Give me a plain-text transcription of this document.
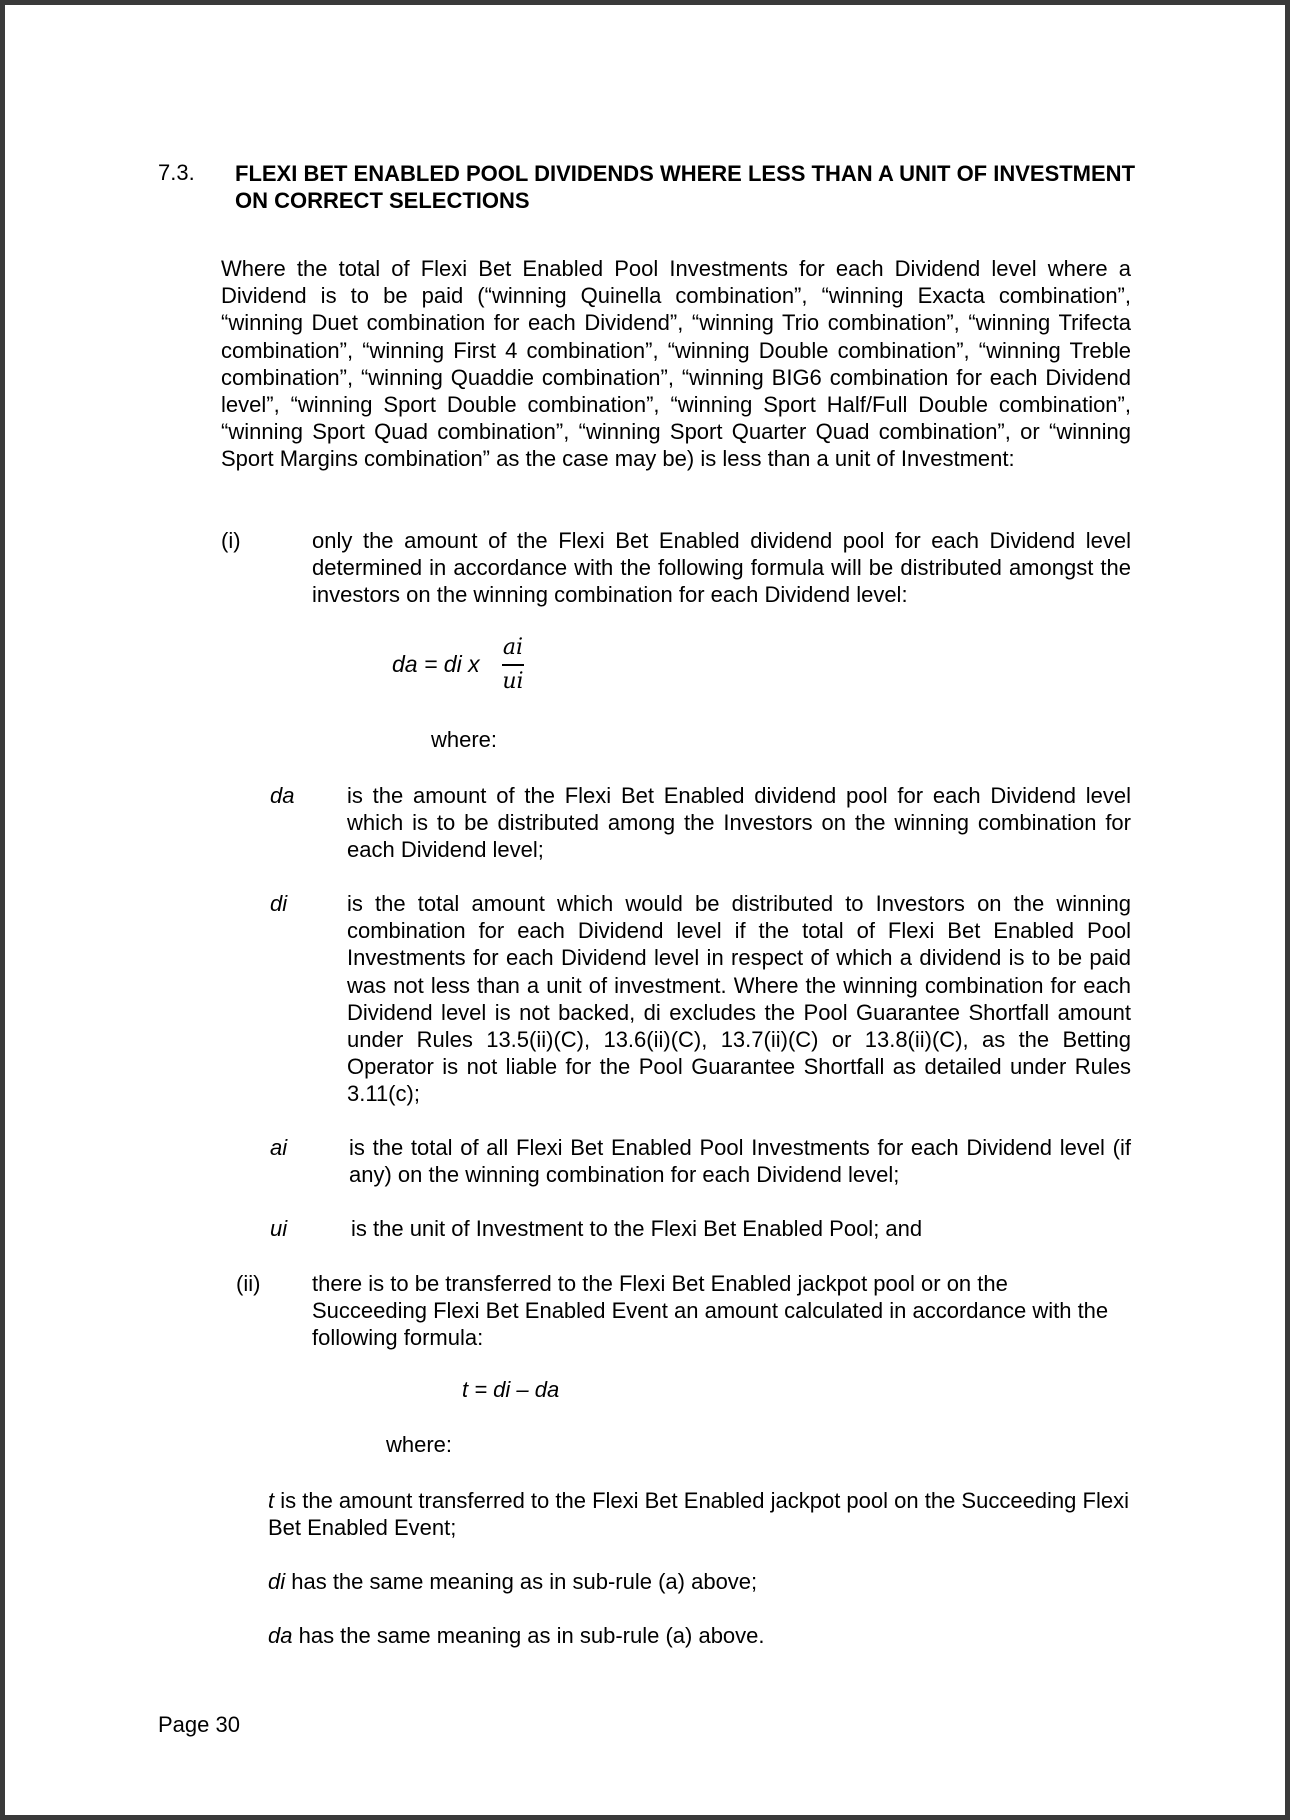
7.3. FLEXI BET ENABLED POOL DIVIDENDS WHERE LESS THAN A UNIT OF INVESTMENT ON CORRECT SELECTIONS
Where the total of Flexi Bet Enabled Pool Investments for each Dividend level where a Dividend is to be paid (“winning Quinella combination”, “winning Exacta combination”, “winning Duet combination for each Dividend”, “winning Trio combination”, “winning Trifecta combination”, “winning First 4 combination”, “winning Double combination”, “winning Treble combination”, “winning Quaddie combination”, “winning BIG6 combination for each Dividend level”, “winning Sport Double combination”, “winning Sport Half/Full Double combination”, “winning Sport Quad combination”, “winning Sport Quarter Quad combination”, or “winning Sport Margins combination” as the case may be) is less than a unit of Investment:
(i)	only the amount of the Flexi Bet Enabled dividend pool for each Dividend level determined in accordance with the following formula will be distributed amongst the investors on the winning combination for each Dividend level:
da = di x
ai
ui
where:
da is the amount of the Flexi Bet Enabled dividend pool for each Dividend level which is to be distributed among the Investors on the winning combination for each Dividend level;
di	is the total amount which would be distributed to Investors on the winning combination for each Dividend level if the total of Flexi Bet Enabled Pool Investments for each Dividend level in respect of which a dividend is to be paid was not less than a unit of investment. Where the winning combination for each Dividend level is not backed, di excludes the Pool Guarantee Shortfall amount under Rules 13.5(ii)(C), 13.6(ii)(C), 13.7(ii)(C) or 13.8(ii)(C), as the Betting Operator is not liable for the Pool Guarantee Shortfall as detailed under Rules 3.11(c);
ai	is the total of all Flexi Bet Enabled Pool Investments for each Dividend level (if any) on the winning combination for each Dividend level;
ui	is the unit of Investment to the Flexi Bet Enabled Pool; and
(ii) there is to be transferred to the Flexi Bet Enabled jackpot pool or on the Succeeding Flexi Bet Enabled Event an amount calculated in accordance with the following formula:
t = di – da
where:
t is the amount transferred to the Flexi Bet Enabled jackpot pool on the Succeeding Flexi Bet Enabled Event;
di has the same meaning as in sub-rule (a) above;
da has the same meaning as in sub-rule (a) above.
Page 30
